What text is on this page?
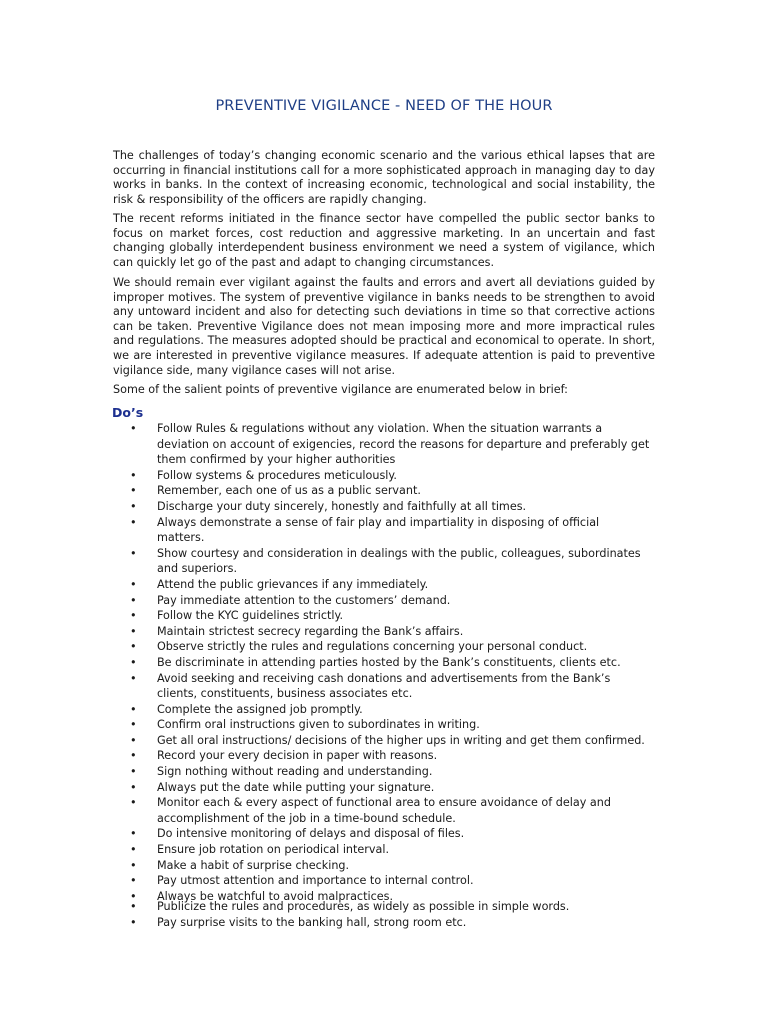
PREVENTIVE VIGILANCE - NEED OF THE HOUR

The challenges of today’s changing economic scenario and the various ethical lapses that are occurring in financial institutions call for a more sophisticated approach in managing day to day works in banks. In the context of increasing economic, technological and social instability, the risk & responsibility of the officers are rapidly changing.

The recent reforms initiated in the finance sector have compelled the public sector banks to focus on market forces, cost reduction and aggressive marketing. In an uncertain and fast changing globally interdependent business environment we need a system of vigilance, which can quickly let go of the past and adapt to changing circumstances.

We should remain ever vigilant against the faults and errors and avert all deviations guided by improper motives. The system of preventive vigilance in banks needs to be strengthen to avoid any untoward incident and also for detecting such deviations in time so that corrective actions can be taken. Preventive Vigilance does not mean imposing more and more impractical rules and regulations. The measures adopted should be practical and economical to operate. In short, we are interested in preventive vigilance measures. If adequate attention is paid to preventive vigilance side, many vigilance cases will not arise.

Some of the salient points of preventive vigilance are enumerated below in brief:

Do’s
• Follow Rules & regulations without any violation. When the situation warrants a deviation on account of exigencies, record the reasons for departure and preferably get them confirmed by your higher authorities
• Follow systems & procedures meticulously.
• Remember, each one of us as a public servant.
• Discharge your duty sincerely, honestly and faithfully at all times.
• Always demonstrate a sense of fair play and impartiality in disposing of official matters.
• Show courtesy and consideration in dealings with the public, colleagues, subordinates and superiors.
• Attend the public grievances if any immediately.
• Pay immediate attention to the customers’ demand.
• Follow the KYC guidelines strictly.
• Maintain strictest secrecy regarding the Bank’s affairs.
• Observe strictly the rules and regulations concerning your personal conduct.
• Be discriminate in attending parties hosted by the Bank’s constituents, clients etc.
• Avoid seeking and receiving cash donations and advertisements from the Bank’s clients, constituents, business associates etc.
• Complete the assigned job promptly.
• Confirm oral instructions given to subordinates in writing.
• Get all oral instructions/ decisions of the higher ups in writing and get them confirmed.
• Record your every decision in paper with reasons.
• Sign nothing without reading and understanding.
• Always put the date while putting your signature.
• Monitor each & every aspect of functional area to ensure avoidance of delay and accomplishment of the job in a time-bound schedule.
• Do intensive monitoring of delays and disposal of files.
• Ensure job rotation on periodical interval.
• Make a habit of surprise checking.
• Pay utmost attention and importance to internal control.
• Always be watchful to avoid malpractices.
• Publicize the rules and procedures, as widely as possible in simple words.
• Pay surprise visits to the banking hall, strong room etc.
